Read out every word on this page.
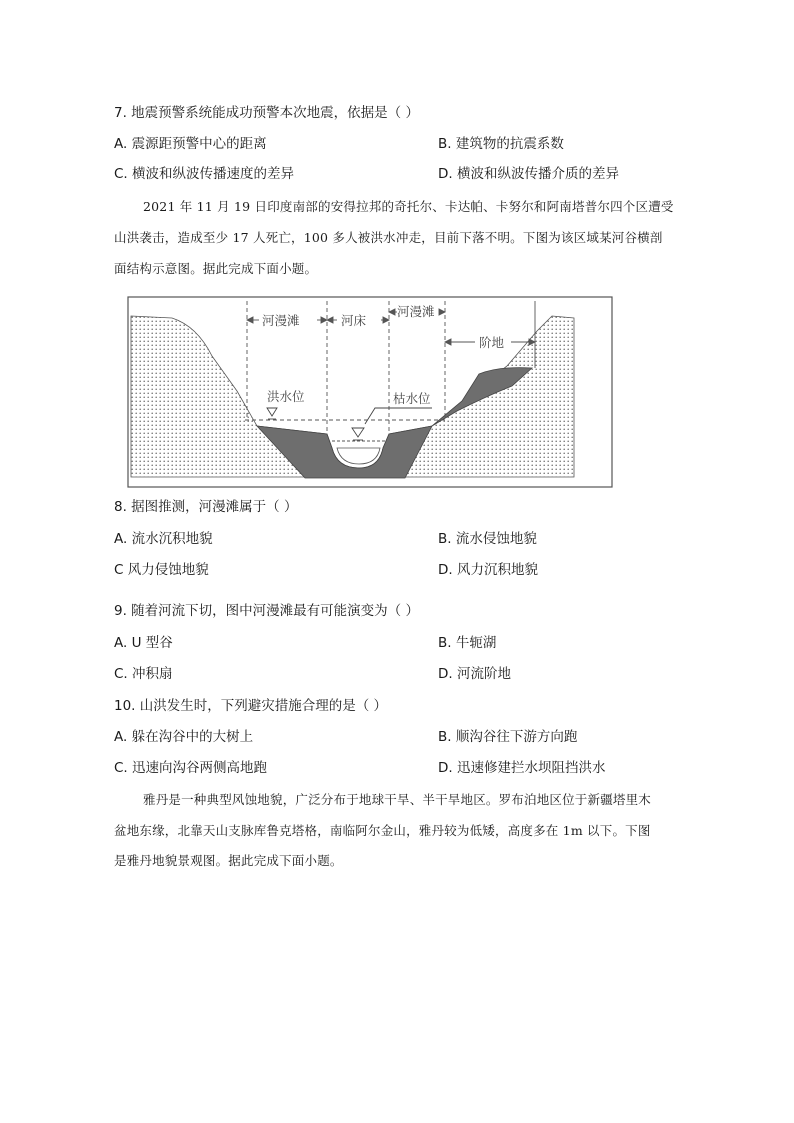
7. 地震预警系统能成功预警本次地震，依据是（ ）
A. 震源距预警中心的距离	B. 建筑物的抗震系数
C. 横波和纵波传播速度的差异	D. 横波和纵波传播介质的差异
2021 年 11 月 19 日印度南部的安得拉邦的奇托尔、卡达帕、卡努尔和阿南塔普尔四个区遭受
山洪袭击，造成至少 17 人死亡，100 多人被洪水冲走，目前下落不明。下图为该区域某河谷横剖
面结构示意图。据此完成下面小题。
河漫滩	河床
河漫滩
阶地
洪水位	枯水位
8. 据图推测，河漫滩属于（ ）
A. 流水沉积地貌	B. 流水侵蚀地貌
C 风力侵蚀地貌	D. 风力沉积地貌
9. 随着河流下切，图中河漫滩最有可能演变为（ ）
A. U 型谷	B. 牛轭湖
C. 冲积扇	D. 河流阶地
10. 山洪发生时，下列避灾措施合理的是（ ）
A. 躲在沟谷中的大树上	B. 顺沟谷往下游方向跑
C. 迅速向沟谷两侧高地跑	D. 迅速修建拦水坝阻挡洪水
雅丹是一种典型风蚀地貌，广泛分布于地球干旱、半干旱地区。罗布泊地区位于新疆塔里木
盆地东缘，北靠天山支脉库鲁克塔格，南临阿尔金山，雅丹较为低矮，高度多在 1m 以下。下图
是雅丹地貌景观图。据此完成下面小题。
